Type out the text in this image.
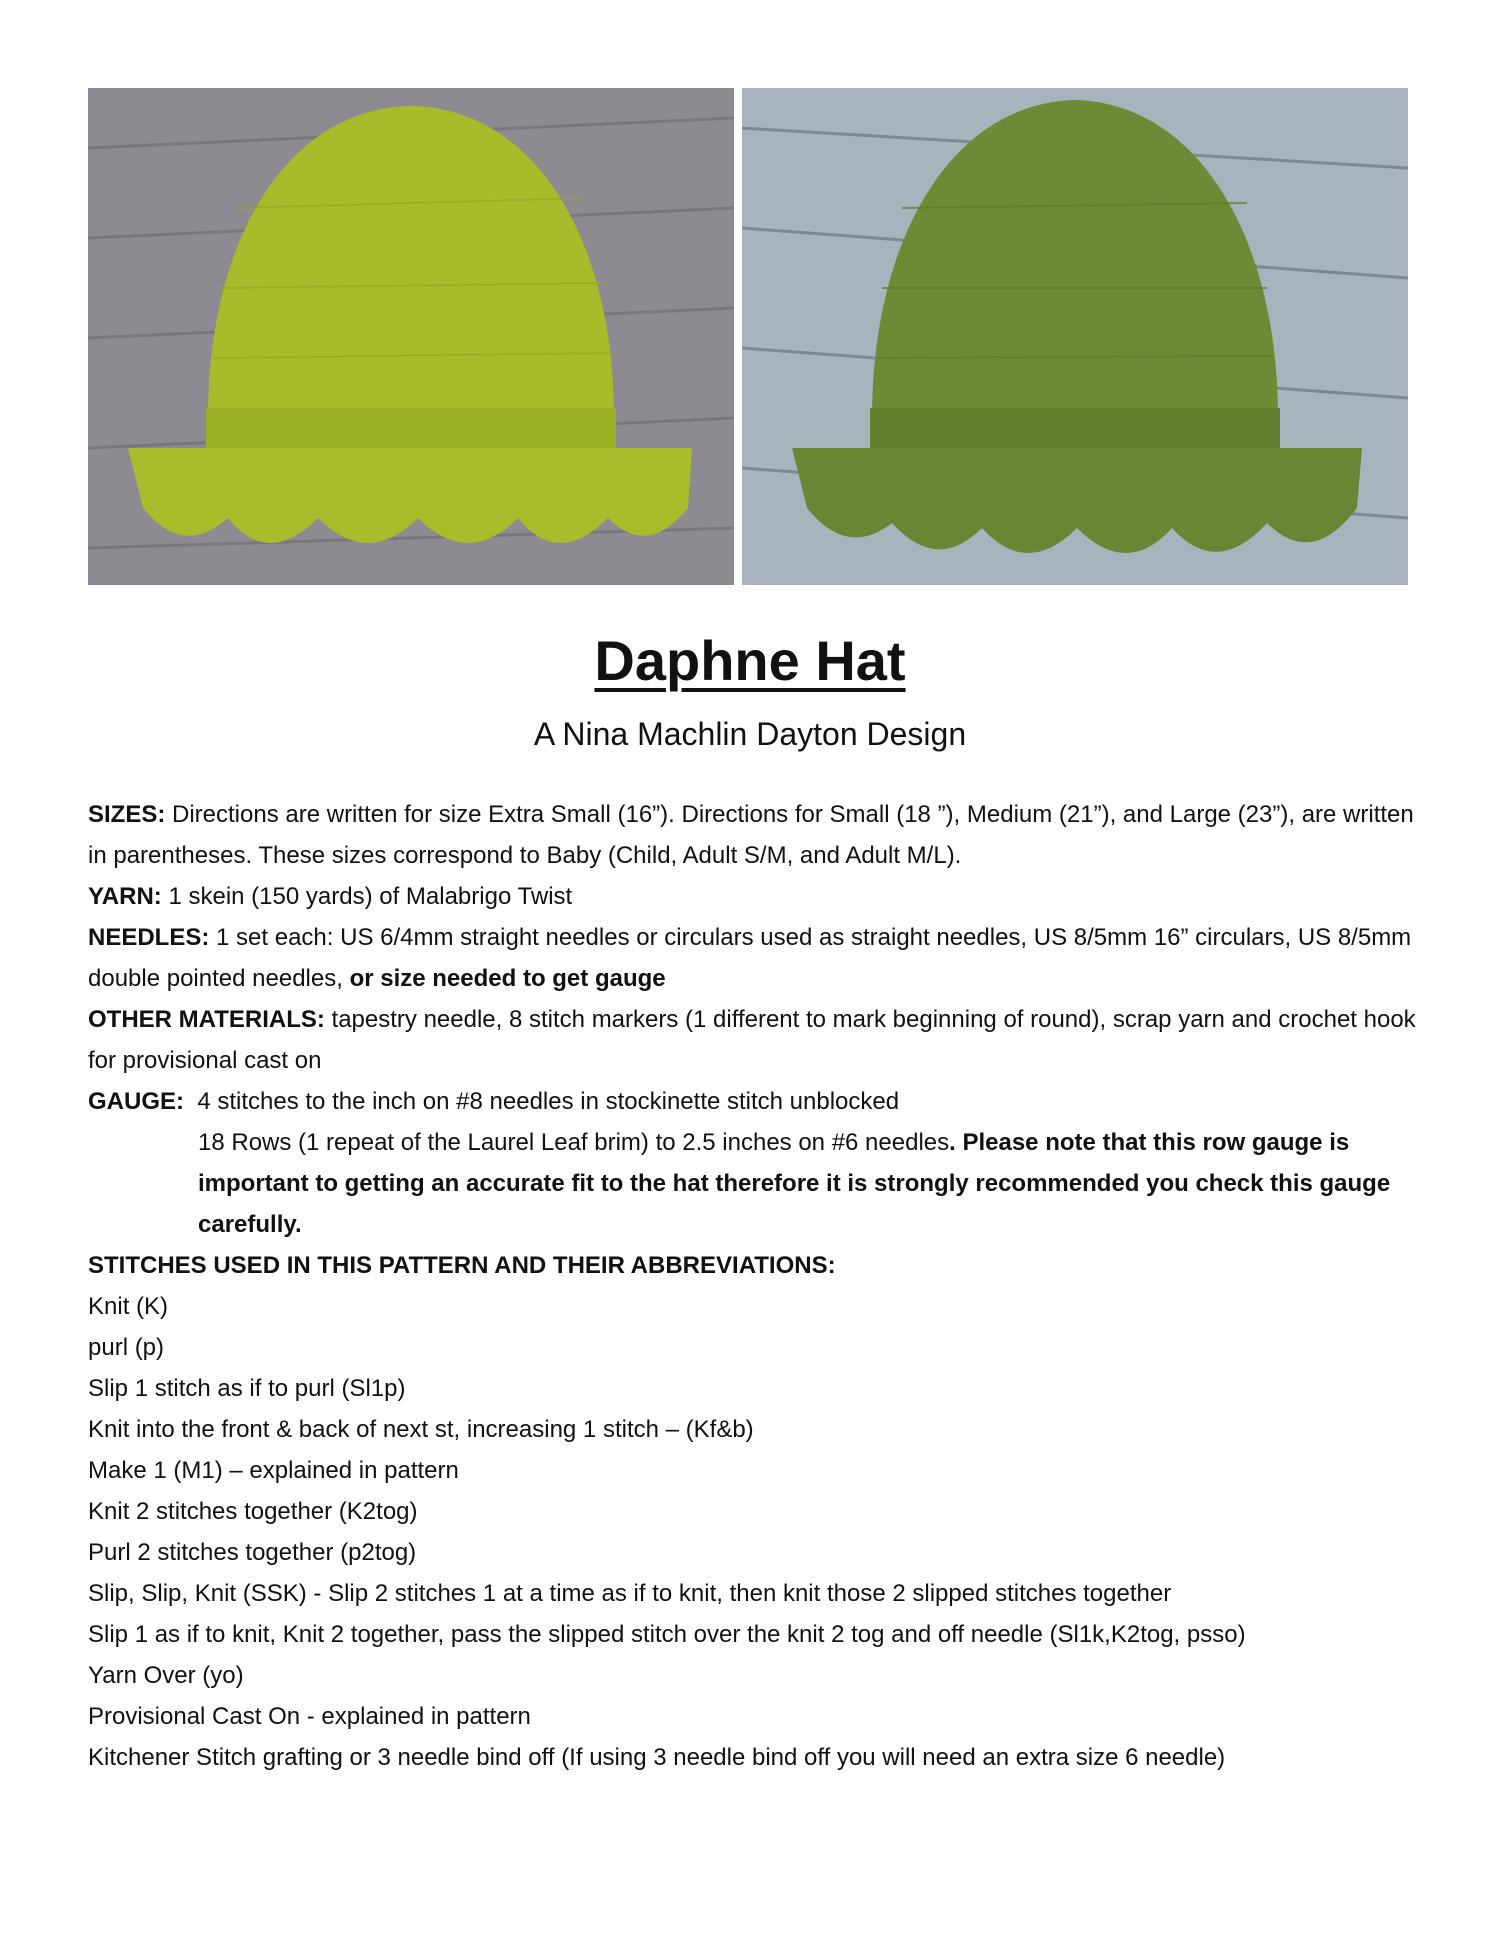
Daphne Hat
A Nina Machlin Dayton Design

SIZES: Directions are written for size Extra Small (16”). Directions for Small (18 ”), Medium (21”), and Large (23”), are written in parentheses. These sizes correspond to Baby (Child, Adult S/M, and Adult M/L).

YARN: 1 skein (150 yards) of Malabrigo Twist

NEEDLES: 1 set each: US 6/4mm straight needles or circulars used as straight needles, US 8/5mm 16” circulars, US 8/5mm double pointed needles, or size needed to get gauge

OTHER MATERIALS: tapestry needle, 8 stitch markers (1 different to mark beginning of round), scrap yarn and crochet hook for provisional cast on

GAUGE:  4 stitches to the inch on #8 needles in stockinette stitch unblocked

18 Rows (1 repeat of the Laurel Leaf brim) to 2.5 inches on #6 needles. Please note that this row gauge is important to getting an accurate fit to the hat therefore it is strongly recommended you check this gauge carefully.

STITCHES USED IN THIS PATTERN AND THEIR ABBREVIATIONS:

Knit (K)

purl (p)

Slip 1 stitch as if to purl (Sl1p)

Knit into the front & back of next st, increasing 1 stitch – (Kf&b)

Make 1 (M1) – explained in pattern

Knit 2 stitches together (K2tog)

Purl 2 stitches together (p2tog)

Slip, Slip, Knit (SSK) - Slip 2 stitches 1 at a time as if to knit, then knit those 2 slipped stitches together

Slip 1 as if to knit, Knit 2 together, pass the slipped stitch over the knit 2 tog and off needle (Sl1k,K2tog, psso)

Yarn Over (yo)

Provisional Cast On - explained in pattern

Kitchener Stitch grafting or 3 needle bind off (If using 3 needle bind off you will need an extra size 6 needle)
